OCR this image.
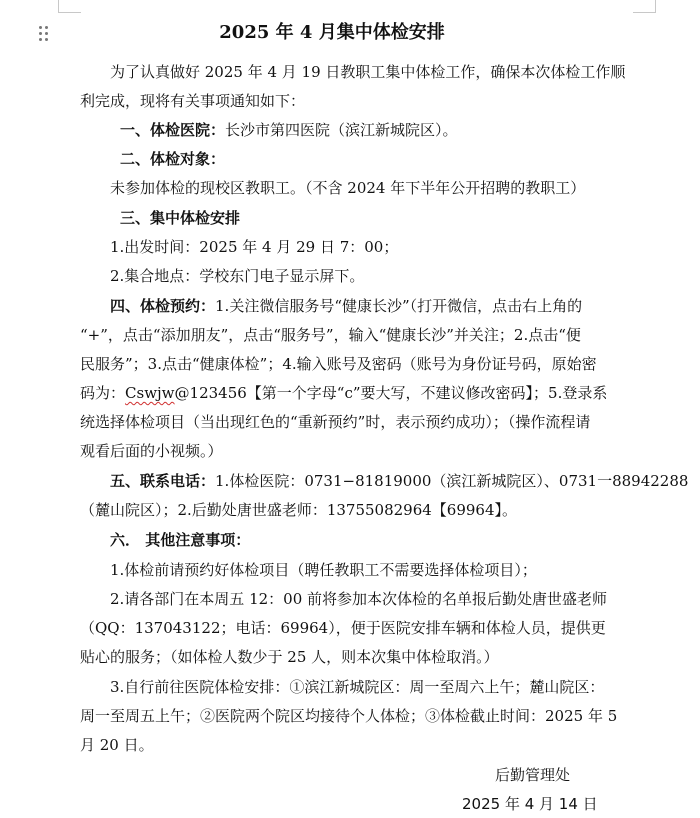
2025 年 4 月集中体检安排
为了认真做好 2025 年 4 月 19 日教职工集中体检工作，确保本次体检工作顺
利完成，现将有关事项通知如下：
一、体检医院：长沙市第四医院（滨江新城院区）。
二、体检对象：
未参加体检的现校区教职工。（不含 2024 年下半年公开招聘的教职工）
三、集中体检安排
1.出发时间：2025 年 4 月 29 日 7：00；
2.集合地点：学校东门电子显示屏下。
四、体检预约：1.关注微信服务号“健康长沙”（打开微信，点击右上角的
“+”，点击“添加朋友”，点击“服务号”，输入“健康长沙”并关注；2.点击“便
民服务”；3.点击“健康体检”；4.输入账号及密码（账号为身份证号码，原始密
码为：Cswjw@123456【第一个字母“c”要大写，不建议修改密码】；5.登录系
统选择体检项目（当出现红色的“重新预约”时，表示预约成功）；（操作流程请
观看后面的小视频。）
五、联系电话：1.体检医院：0731−81819000（滨江新城院区）、0731一88942288
（麓山院区）；2.后勤处唐世盛老师：13755082964【69964】。
六． 其他注意事项：
1.体检前请预约好体检项目（聘任教职工不需要选择体检项目）；
2.请各部门在本周五 12：00 前将参加本次体检的名单报后勤处唐世盛老师
（QQ：137043122；电话：69964），便于医院安排车辆和体检人员，提供更
贴心的服务；（如体检人数少于 25 人，则本次集中体检取消。）
3.自行前往医院体检安排：①滨江新城院区：周一至周六上午；麓山院区：
周一至周五上午；②医院两个院区均接待个人体检；③体检截止时间：2025 年 5
月 20 日。
后勤管理处
2025 年 4 月 14 日
